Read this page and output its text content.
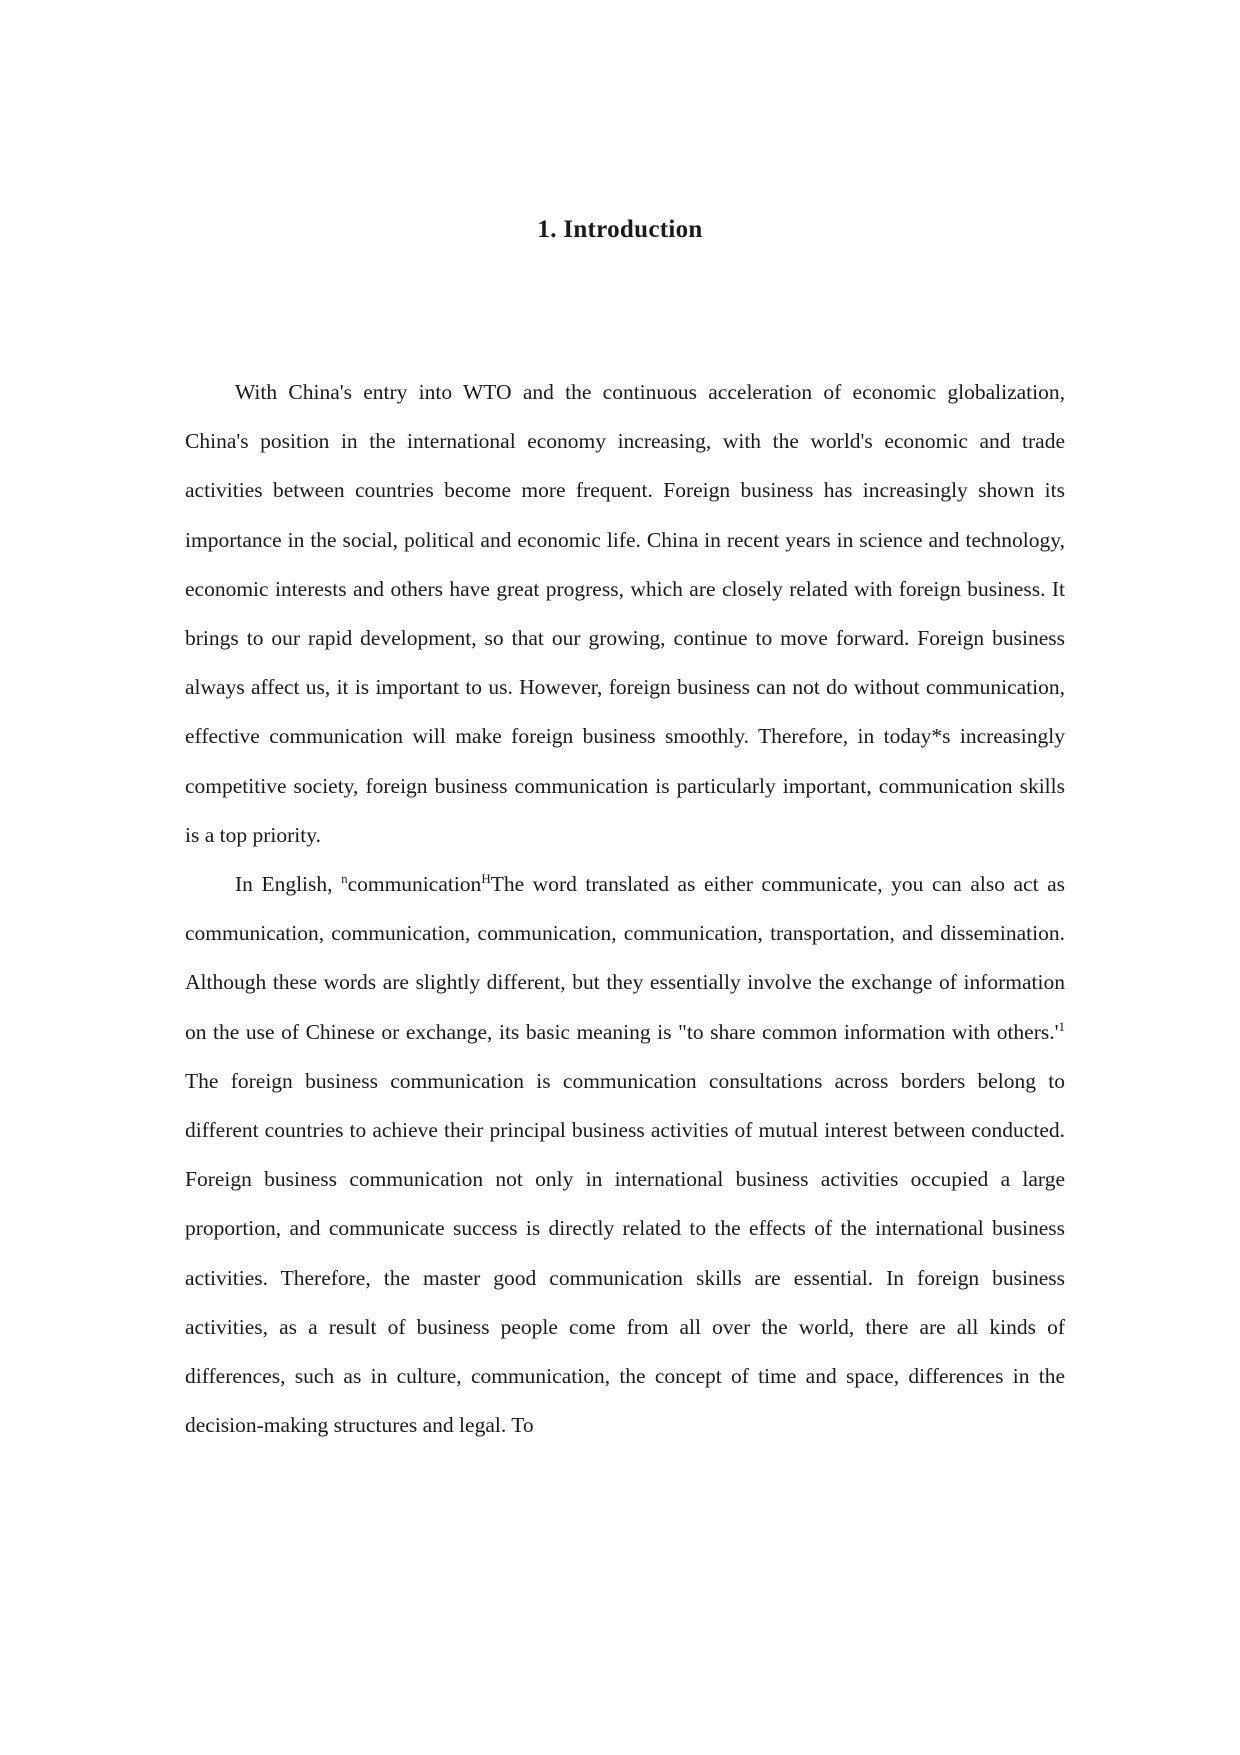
1. Introduction

With China's entry into WTO and the continuous acceleration of economic globalization, China's position in the international economy increasing, with the world's economic and trade activities between countries become more frequent. Foreign business has increasingly shown its importance in the social, political and economic life. China in recent years in science and technology, economic interests and others have great progress, which are closely related with foreign business. It brings to our rapid development, so that our growing, continue to move forward. Foreign business always affect us, it is important to us. However, foreign business can not do without communication, effective communication will make foreign business smoothly. Therefore, in today*s increasingly competitive society, foreign business communication is particularly important, communication skills is a top priority.

In English, $^n$communication$^H$The word translated as either communicate, you can also act as communication, communication, communication, communication, transportation, and dissemination. Although these words are slightly different, but they essentially involve the exchange of information on the use of Chinese or exchange, its basic meaning is "to share common information with $others.'^1$ The foreign business communication is communication consultations across borders belong to different countries to achieve their principal business activities of mutual interest between conducted. Foreign business communication not only in international business activities occupied a large proportion, and communicate success is directly related to the effects of the international business activities. Therefore, the master good communication skills are essential. In foreign business activities, as a result of business people come from all over the world, there are all kinds of differences, such as in culture, communication, the concept of time and space, differences in the decision-making structures and legal. To
